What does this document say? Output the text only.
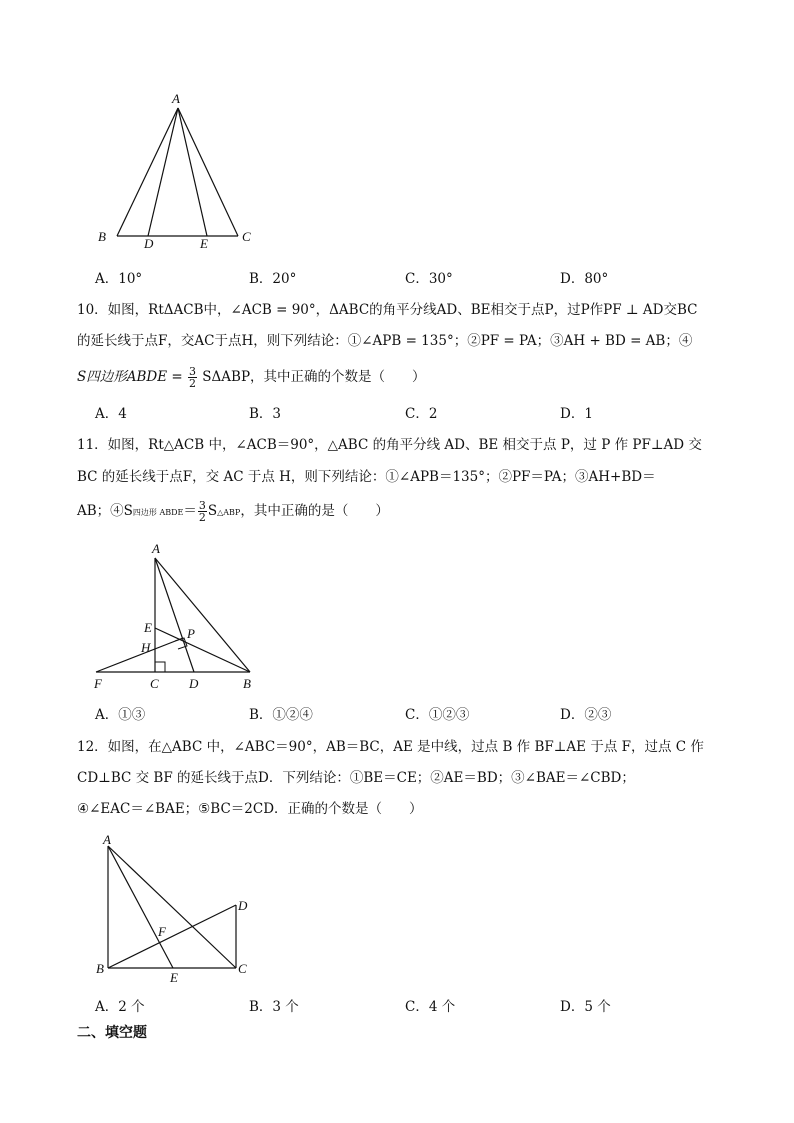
A
B	D	E	C
A．10°	B．20°	C．30°	D．80°
10．如图，RtΔACB中，∠ACB = 90°，ΔABC的角平分线AD、BE相交于点P，过P作PF ⊥ AD交BC
的延长线于点F，交AC于点H，则下列结论：①∠APB = 135°；②PF = PA；③AH + BD = AB；④
S四边形ABDE = $\frac{3}{2}$ SΔABP，其中正确的个数是（　　）
A．4	B．3	C．2	D．1
11．如图，Rt△ACB 中，∠ACB＝90°，△ABC 的角平分线 AD、BE 相交于点 P，过 P 作 PF⊥AD 交
BC 的延长线于点F，交 AC 于点 H，则下列结论：①∠APB＝135°；②PF＝PA；③AH+BD＝
AB；④S四边形 ABDE＝ $\frac{3}{2}$ S△ABP，其中正确的是（　　）
A
E	P
H
F	C D	B
A．①③	B．①②④	C．①②③	D．②③
12．如图，在△ABC 中，∠ABC＝90°，AB＝BC，AE 是中线，过点 B 作 BF⊥AE 于点 F，过点 C 作
CD⊥BC 交 BF 的延长线于点D．下列结论：①BE＝CE；②AE＝BD；③∠BAE＝∠CBD；
④∠EAC＝∠BAE；⑤BC＝2CD．正确的个数是（　　）
A
D
F
B
E
C
A．2 个	B．3 个	C．4 个	D．5 个
二、填空题
